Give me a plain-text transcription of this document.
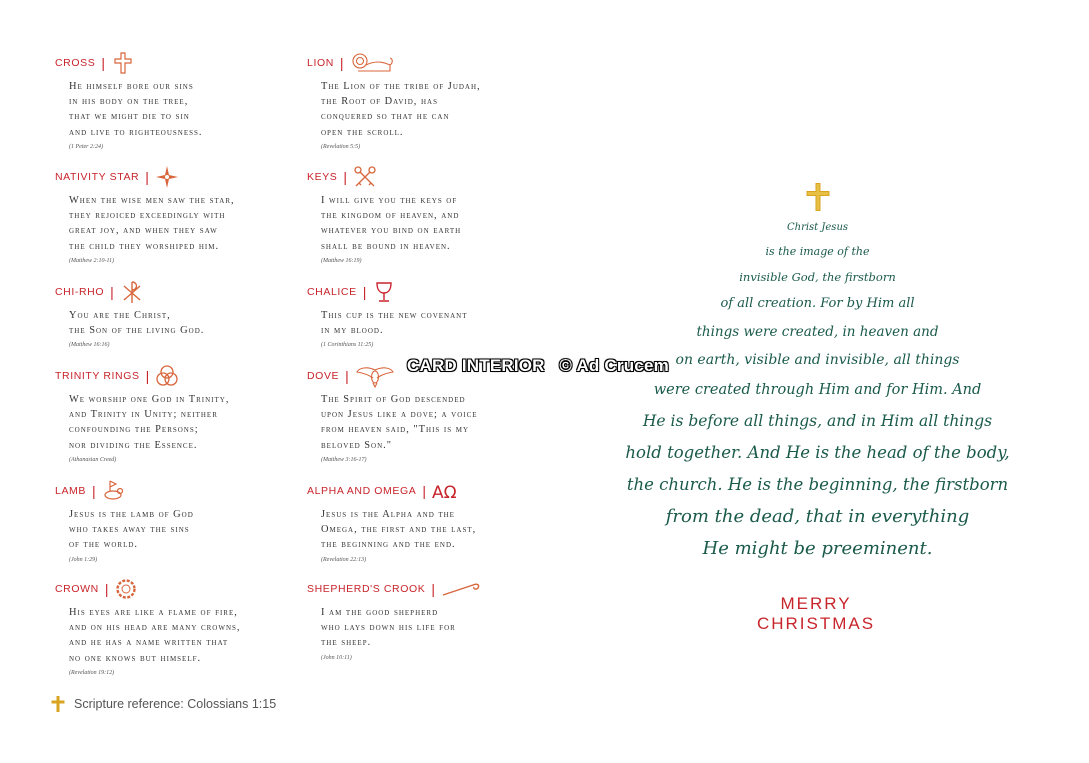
CROSS |
He himself bore our sins
in his body on the tree,
that we might die to sin
and live to righteousness.
(1 Peter 2:24)
NATIVITY STAR |
When the wise men saw the star,
they rejoiced exceedingly with
great joy, and when they saw
the child they worshiped him.
(Matthew 2:10-11)
CHI-RHO |
You are the Christ,
the Son of the living God.
(Matthew 16:16)
TRINITY RINGS |
We worship one God in Trinity,
and Trinity in Unity; neither
confounding the Persons;
nor dividing the Essence.
(Athanasian Creed)
LAMB |
Jesus is the lamb of God
who takes away the sins
of the world.
(John 1:29)
CROWN |
His eyes are like a flame of fire,
and on his head are many crowns,
and he has a name written that
no one knows but himself.
(Revelation 19:12)
LION |
The Lion of the tribe of Judah,
the Root of David, has
conquered so that he can
open the scroll.
(Revelation 5:5)
KEYS |
I will give you the keys of
the kingdom of heaven, and
whatever you bind on earth
shall be bound in heaven.
(Matthew 16:19)
CHALICE |
This cup is the new covenant
in my blood.
(1 Corinthians 11:25)
DOVE |
The Spirit of God descended
upon Jesus like a dove; a voice
from heaven said, "This is my
beloved Son."
(Matthew 3:16-17)
ALPHA AND OMEGA | ΑΩ
Jesus is the Alpha and the
Omega, the first and the last,
the beginning and the end.
(Revelation 22:13)
SHEPHERD'S CROOK |
I am the good shepherd
who lays down his life for
the sheep.
(John 10:11)
Scripture reference: Colossians 1:15
CARD INTERIOR   © Ad Crucem
Christ Jesus
is the image of the
invisible God, the firstborn
of all creation. For by Him all
things were created, in heaven and
on earth, visible and invisible, all things
were created through Him and for Him. And
He is before all things, and in Him all things
hold together. And He is the head of the body,
the church. He is the beginning, the firstborn
from the dead, that in everything
He might be preeminent.
MERRY
CHRISTMAS
